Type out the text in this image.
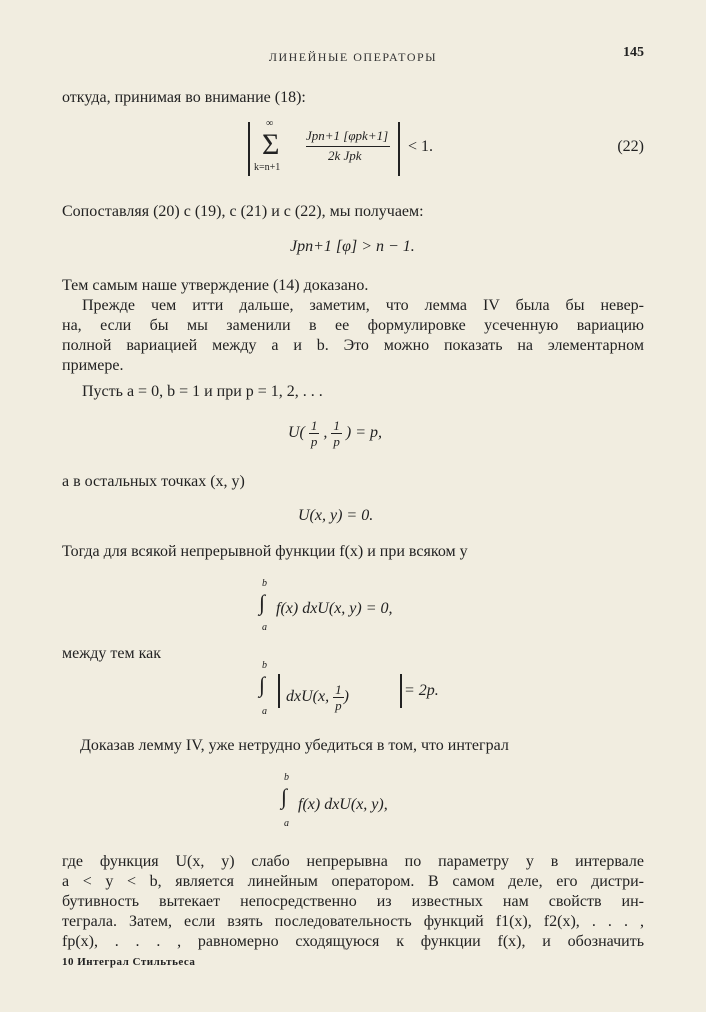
ЛИНЕЙНЫЕ ОПЕРАТОРЫ	145
откуда, принимая во внимание (18):
∞
Σ
k=n+1
Jpn+1 [φpk+1]
2k Jpk
< 1.	(22)
Сопоставляя (20) с (19), с (21) и с (22), мы получаем:
Jpn+1 [φ] > n − 1.
Тем самым наше утверждение (14) доказано.
Прежде чем итти дальше, заметим, что лемма IV была бы невер-
на, если бы мы заменили в ее формулировке усеченную вариацию
полной вариацией между a и b. Это можно показать на элементарном
примере.
Пусть a = 0, b = 1 и при p = 1, 2, . . .
$U( \frac{1}{p}$ , $\frac{1}{p}$ ) = p,
а в остальных точках (x, y)
U(x, y) = 0.
Тогда для всякой непрерывной функции f(x) и при всяком y
b
∫
a
f(x) dxU(x, y) = 0,
между тем как
b
∫
a
dxU(x, $\frac{1}{p}$ )	= 2p.
Доказав лемму IV, уже нетрудно убедиться в том, что интеграл
b
∫
a
f(x) dxU(x, y),
где функция U(x, y) слабо непрерывна по параметру y в интервале
a < y < b, является линейным оператором. В самом деле, его дистри-
бутивность вытекает непосредственно из известных нам свойств ин-
теграла. Затем, если взять последовательность функций f1(x), f2(x), . . . ,
fp(x), . . . , равномерно сходящуюся к функции f(x), и обозначить
10 Интеграл Стильтьеса
